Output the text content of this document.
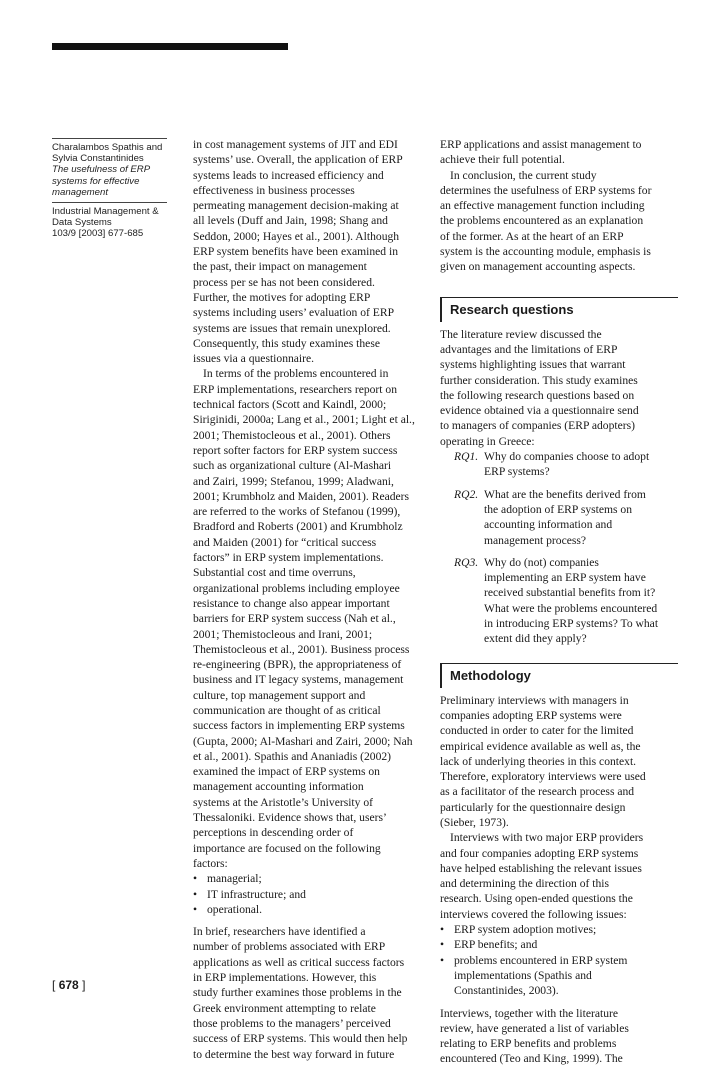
Charalambos Spathis and
Sylvia Constantinides
The usefulness of ERP
systems for effective
management
Industrial Management &
Data Systems
103/9 [2003] 677-685
in cost management systems of JIT and EDI
systems’ use. Overall, the application of ERP
systems leads to increased efficiency and
effectiveness in business processes
permeating management decision-making at
all levels (Duff and Jain, 1998; Shang and
Seddon, 2000; Hayes et al., 2001). Although
ERP system benefits have been examined in
the past, their impact on management
process per se has not been considered.
Further, the motives for adopting ERP
systems including users’ evaluation of ERP
systems are issues that remain unexplored.
Consequently, this study examines these
issues via a questionnaire.
In terms of the problems encountered in
ERP implementations, researchers report on
technical factors (Scott and Kaindl, 2000;
Siriginidi, 2000a; Lang et al., 2001; Light et al.,
2001; Themistocleous et al., 2001). Others
report softer factors for ERP system success
such as organizational culture (Al-Mashari
and Zairi, 1999; Stefanou, 1999; Aladwani,
2001; Krumbholz and Maiden, 2001). Readers
are referred to the works of Stefanou (1999),
Bradford and Roberts (2001) and Krumbholz
and Maiden (2001) for “critical success
factors” in ERP system implementations.
Substantial cost and time overruns,
organizational problems including employee
resistance to change also appear important
barriers for ERP system success (Nah et al.,
2001; Themistocleous and Irani, 2001;
Themistocleous et al., 2001). Business process
re-engineering (BPR), the appropriateness of
business and IT legacy systems, management
culture, top management support and
communication are thought of as critical
success factors in implementing ERP systems
(Gupta, 2000; Al-Mashari and Zairi, 2000; Nah
et al., 2001). Spathis and Ananiadis (2002)
examined the impact of ERP systems on
management accounting information
systems at the Aristotle’s University of
Thessaloniki. Evidence shows that, users’
perceptions in descending order of
importance are focused on the following
factors:
• managerial;
• IT infrastructure; and
• operational.
In brief, researchers have identified a
number of problems associated with ERP
applications as well as critical success factors
in ERP implementations. However, this
study further examines those problems in the
Greek environment attempting to relate
those problems to the managers’ perceived
success of ERP systems. This would then help
to determine the best way forward in future
ERP applications and assist management to
achieve their full potential.
In conclusion, the current study
determines the usefulness of ERP systems for
an effective management function including
the problems encountered as an explanation
of the former. As at the heart of an ERP
system is the accounting module, emphasis is
given on management accounting aspects.
Research questions
The literature review discussed the
advantages and the limitations of ERP
systems highlighting issues that warrant
further consideration. This study examines
the following research questions based on
evidence obtained via a questionnaire send
to managers of companies (ERP adopters)
operating in Greece:
RQ1. Why do companies choose to adopt
ERP systems?
RQ2. What are the benefits derived from
the adoption of ERP systems on
accounting information and
management process?
RQ3. Why do (not) companies
implementing an ERP system have
received substantial benefits from it?
What were the problems encountered
in introducing ERP systems? To what
extent did they apply?
Methodology
Preliminary interviews with managers in
companies adopting ERP systems were
conducted in order to cater for the limited
empirical evidence available as well as, the
lack of underlying theories in this context.
Therefore, exploratory interviews were used
as a facilitator of the research process and
particularly for the questionnaire design
(Sieber, 1973).
Interviews with two major ERP providers
and four companies adopting ERP systems
have helped establishing the relevant issues
and determining the direction of this
research. Using open-ended questions the
interviews covered the following issues:
• ERP system adoption motives;
• ERP benefits; and
• problems encountered in ERP system
implementations (Spathis and
Constantinides, 2003).
Interviews, together with the literature
review, have generated a list of variables
relating to ERP benefits and problems
encountered (Teo and King, 1999). The
[ 678 ]
